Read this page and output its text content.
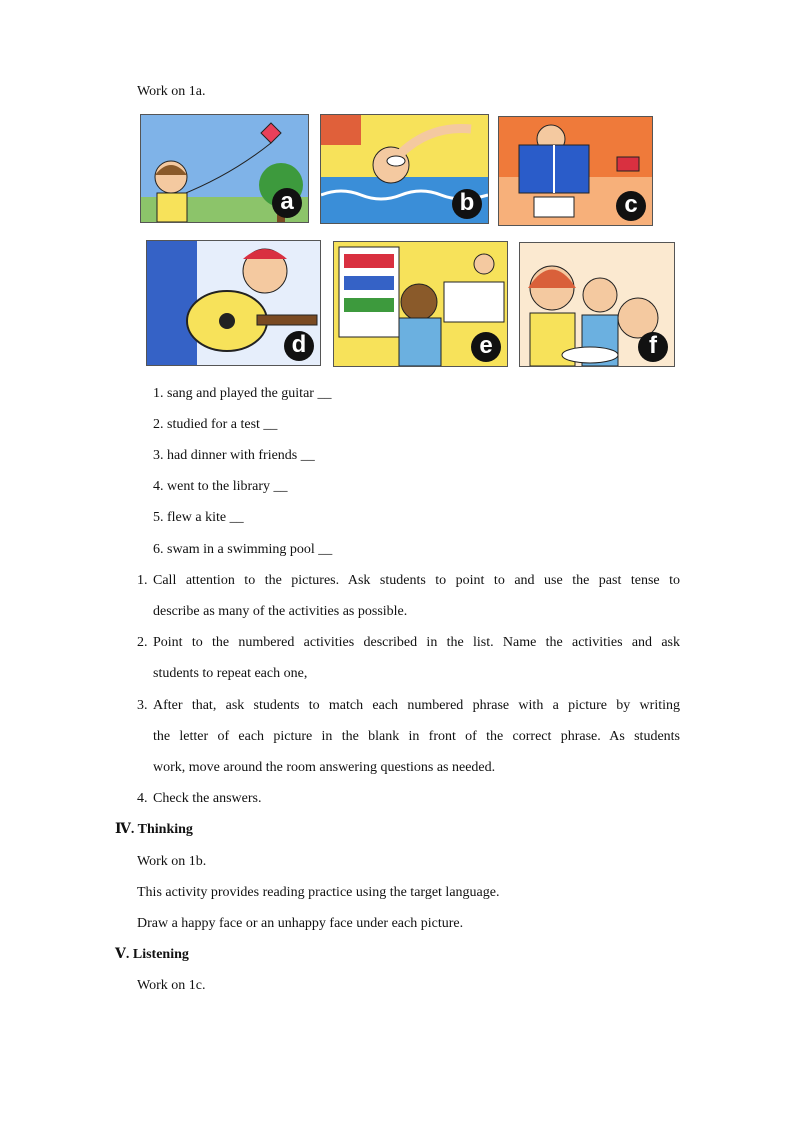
Work on 1a.
a	b	c
d	e	f
1. sang and played the guitar __
2. studied for a test __
3. had dinner with friends __
4. went to the library __
5. flew a kite __
6. swam in a swimming pool __
1. Call attention to the pictures. Ask students to point to and use the past tense to
describe as many of the activities as possible.
2. Point to the numbered activities described in the list. Name the activities and ask
students to repeat each one,
3. After that, ask students to match each numbered phrase with a picture by writing
the letter of each picture in the blank in front of the correct phrase. As students
work, move around the room answering questions as needed.
4. Check the answers.
Ⅳ. Thinking
Work on 1b.
This activity provides reading practice using the target language.
Draw a happy face or an unhappy face under each picture.
Ⅴ. Listening
Work on 1c.
